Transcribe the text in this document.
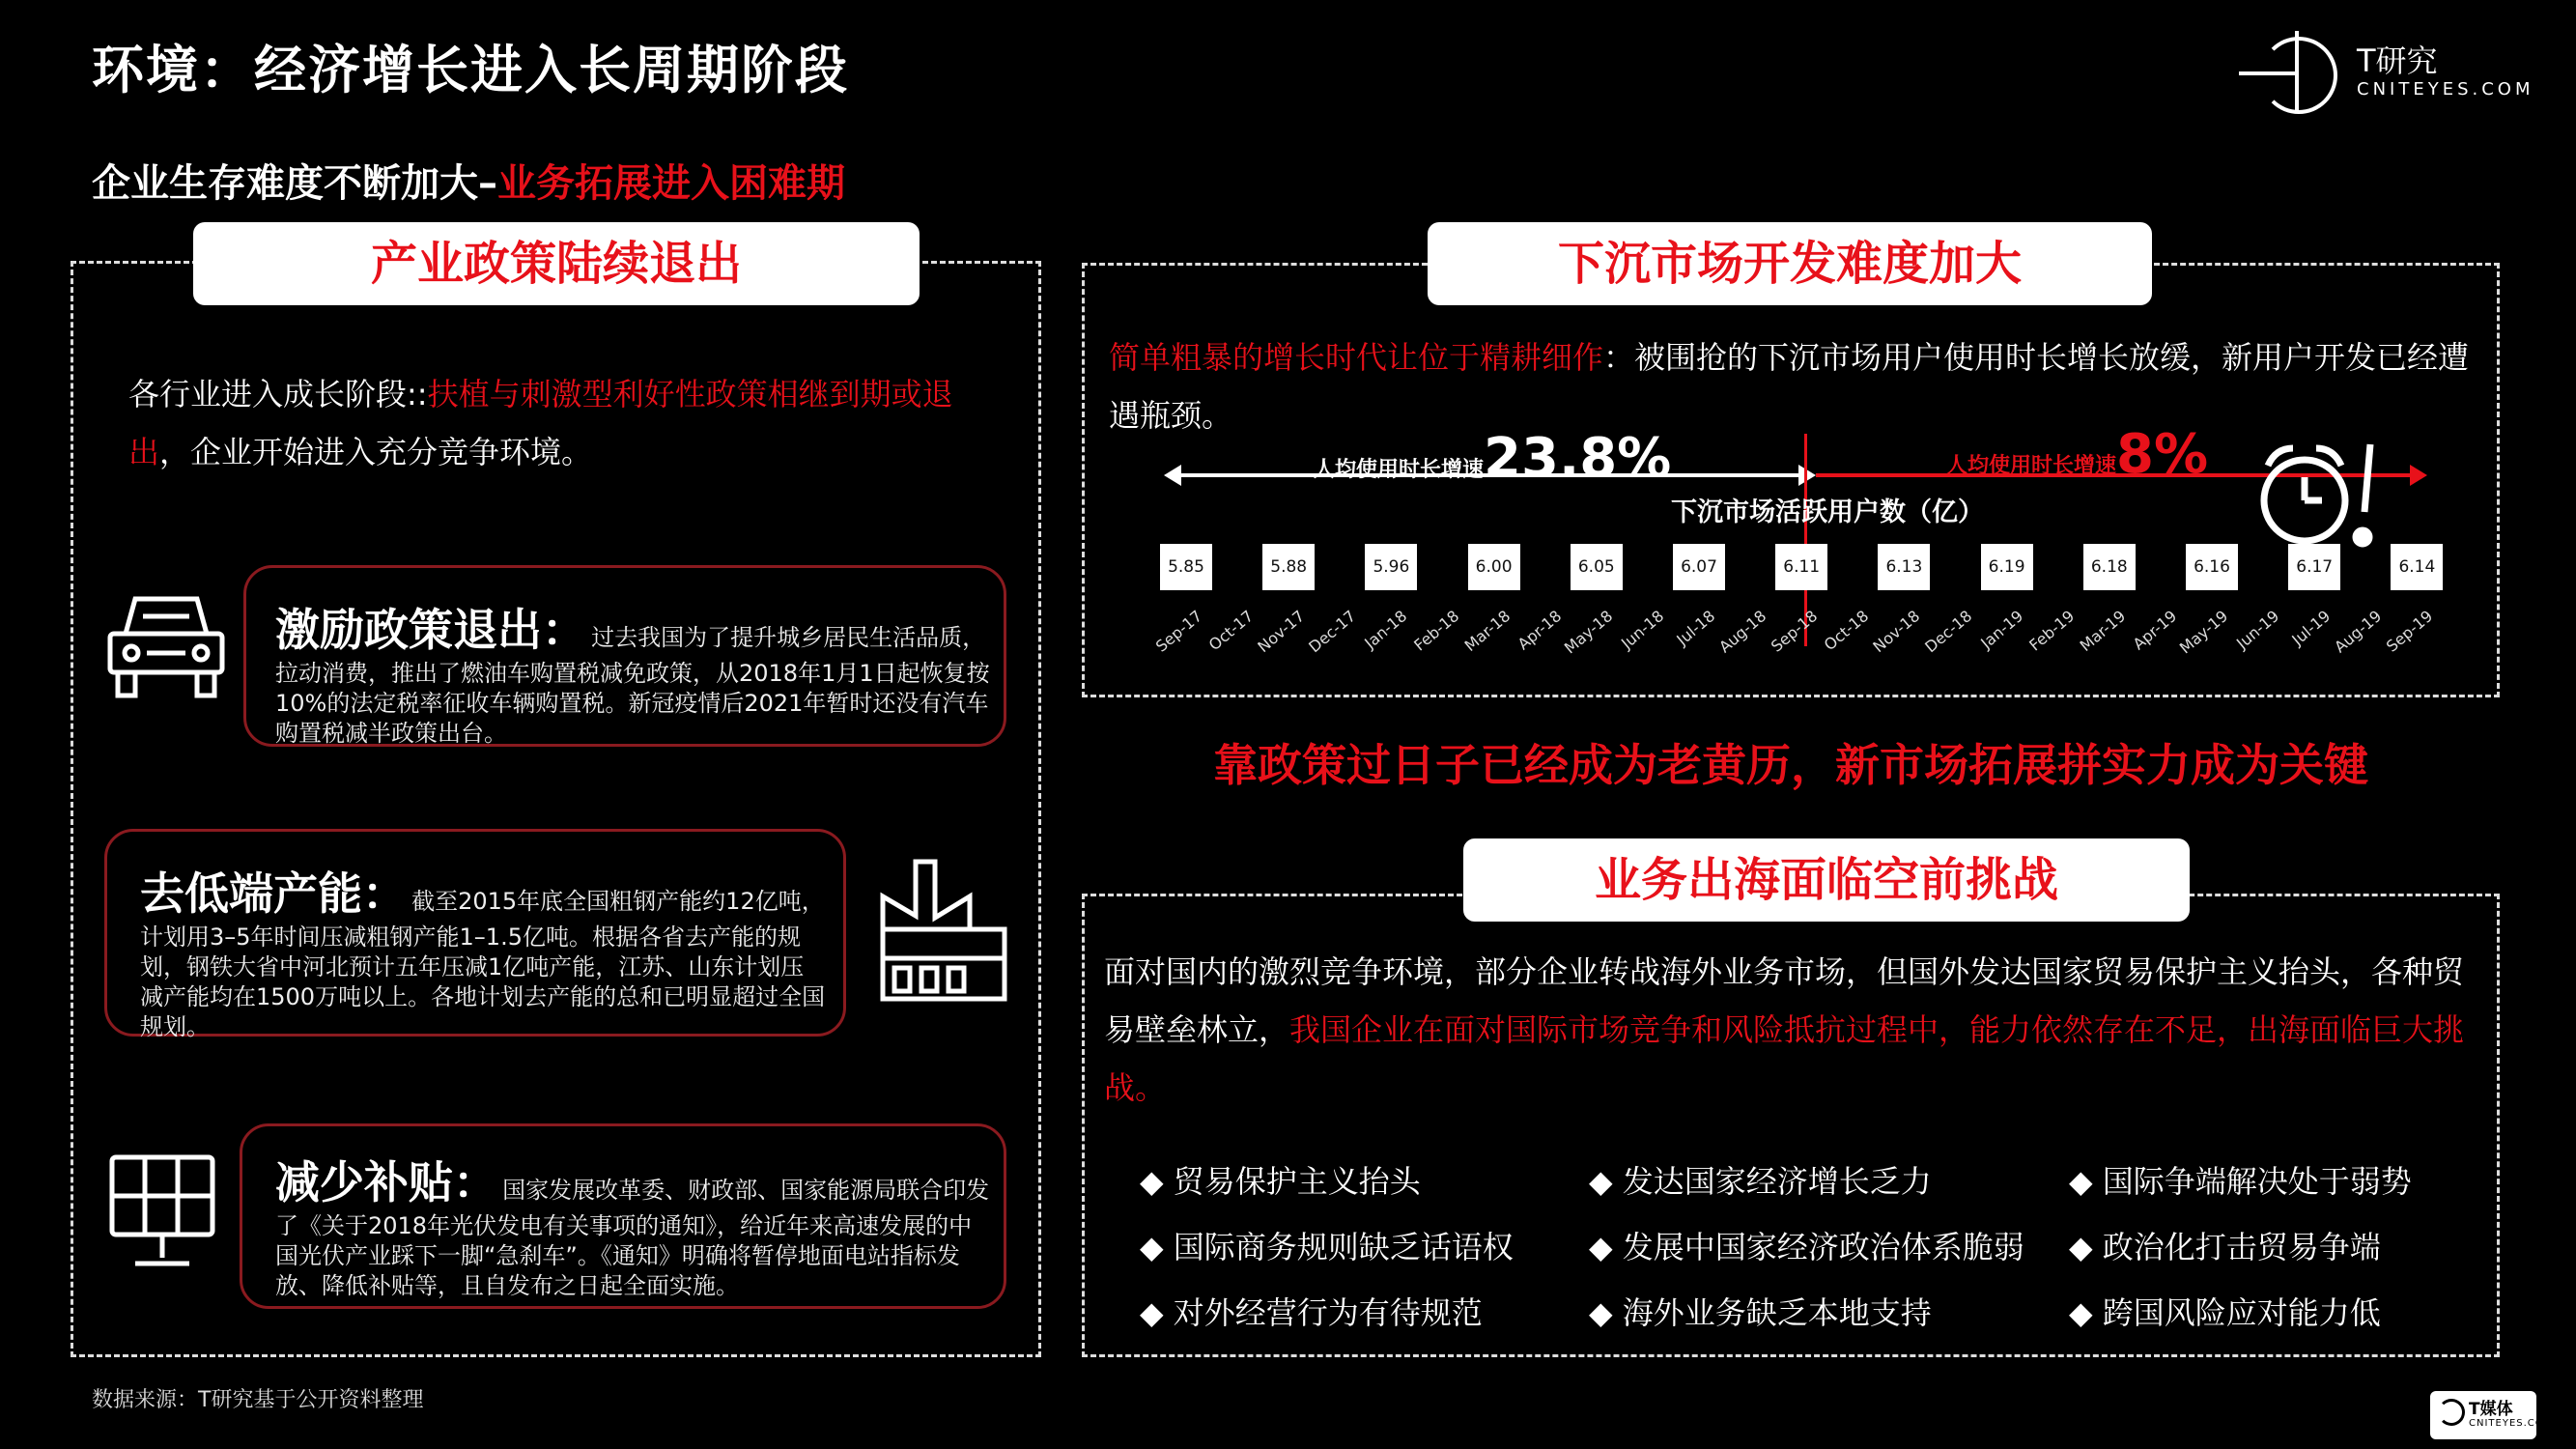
环境：经济增长进入长周期阶段
企业生存难度不断加大–业务拓展进入困难期
T研究
CNITEYES.COM
产业政策陆续退出
各行业进入成长阶段::扶植与刺激型利好性政策相继到期或退出，企业开始进入充分竞争环境。
激励政策退出： 过去我国为了提升城乡居民生活品质，拉动消费，推出了燃油车购置税减免政策，从2018年1月1日起恢复按10%的法定税率征收车辆购置税。新冠疫情后2021年暂时还没有汽车购置税减半政策出台。
去低端产能： 截至2015年底全国粗钢产能约12亿吨，计划用3–5年时间压减粗钢产能1–1.5亿吨。根据各省去产能的规划，钢铁大省中河北预计五年压减1亿吨产能，江苏、山东计划压减产能均在1500万吨以上。各地计划去产能的总和已明显超过全国规划。
减少补贴： 国家发展改革委、财政部、国家能源局联合印发了《关于2018年光伏发电有关事项的通知》，给近年来高速发展的中国光伏产业踩下一脚“急刹车”。《通知》明确将暂停地面电站指标发放、降低补贴等，且自发布之日起全面实施。
下沉市场开发难度加大
简单粗暴的增长时代让位于精耕细作：被围抢的下沉市场用户使用时长增长放缓，新用户开发已经遭遇瓶颈。
人均使用时长增速23.8%	人均使用时长增速8%
下沉市场活跃用户数（亿）
5.85	5.88	5.96	6.00	6.05	6.07	6.11	6.13	6.19	6.18	6.16	6.17	6.14
Sep-17 Oct-17
Nov-17
Dec-17 Jan-18 Feb-18
Mar-18 Apr-18
May-18 Jun-18 Jul-18
Aug-18
Sep-18 Oct-18
Nov-18
Dec-18 Jan-19 Feb-19
Mar-19 Apr-19
May-19 Jun-19 Jul-19
Aug-19
Sep-19
靠政策过日子已经成为老黄历，新市场拓展拼实力成为关键
业务出海面临空前挑战
面对国内的激烈竞争环境，部分企业转战海外业务市场，但国外发达国家贸易保护主义抬头，各种贸易壁垒林立，我国企业在面对国际市场竞争和风险抵抗过程中，能力依然存在不足，出海面临巨大挑战。
◆ 贸易保护主义抬头	◆ 发达国家经济增长乏力	◆ 国际争端解决处于弱势
◆ 国际商务规则缺乏话语权 ◆ 发展中国家经济政治体系脆弱 ◆ 政治化打击贸易争端
◆ 对外经营行为有待规范	◆ 海外业务缺乏本地支持	◆ 跨国风险应对能力低
数据来源：T研究基于公开资料整理	T媒体
CNITEYES.COM
